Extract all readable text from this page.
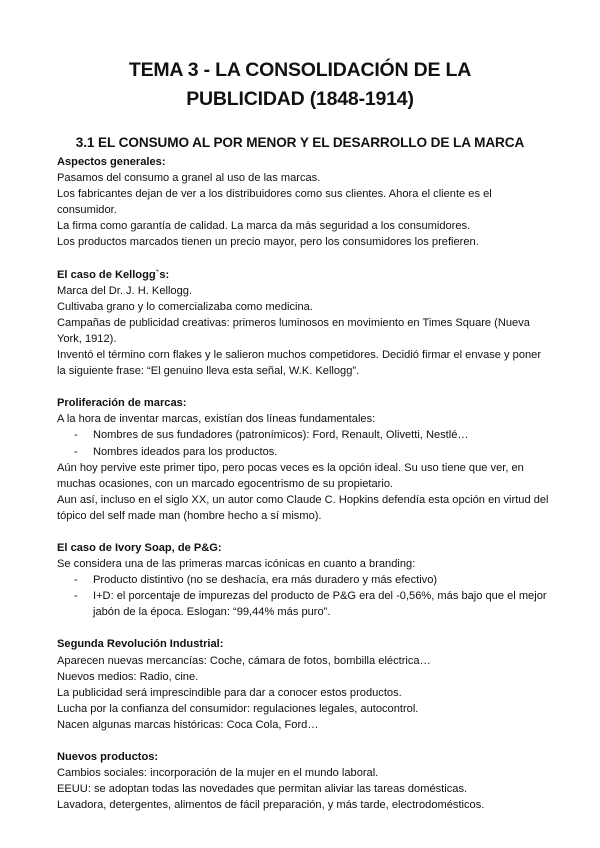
TEMA 3 - LA CONSOLIDACIÓN DE LA
PUBLICIDAD (1848-1914)
3.1 EL CONSUMO AL POR MENOR Y EL DESARROLLO DE LA MARCA
Aspectos generales:

Pasamos del consumo a granel al uso de las marcas.

Los fabricantes dejan de ver a los distribuidores como sus clientes. Ahora el cliente es el consumidor.

La firma como garantía de calidad. La marca da más seguridad a los consumidores.

Los productos marcados tienen un precio mayor, pero los consumidores los prefieren.

El caso de Kellogg`s:

Marca del Dr. J. H. Kellogg.

Cultivaba grano y lo comercializaba como medicina.

Campañas de publicidad creativas: primeros luminosos en movimiento en Times Square (Nueva York, 1912).

Inventó el término corn flakes y le salieron muchos competidores. Decidió firmar el envase y poner la siguiente frase: “El genuino lleva esta señal, W.K. Kellogg”.

Proliferación de marcas:

A la hora de inventar marcas, existían dos líneas fundamentales:

- Nombres de sus fundadores (patronímicos): Ford, Renault, Olivetti, Nestlé…
- Nombres ideados para los productos.

Aún hoy pervive este primer tipo, pero pocas veces es la opción ideal. Su uso tiene que ver, en muchas ocasiones, con un marcado egocentrismo de su propietario.

Aun así, incluso en el siglo XX, un autor como Claude C. Hopkins defendía esta opción en virtud del tópico del self made man (hombre hecho a sí mismo).

El caso de Ivory Soap, de P&G:

Se considera una de las primeras marcas icónicas en cuanto a branding:

- Producto distintivo (no se deshacía, era más duradero y más efectivo)
- I+D: el porcentaje de impurezas del producto de P&G era del -0,56%, más bajo que el mejor jabón de la época. Eslogan: “99,44% más puro”.
Segunda Revolución Industrial:

Aparecen nuevas mercancías: Coche, cámara de fotos, bombilla eléctrica…

Nuevos medios: Radio, cine.

La publicidad será imprescindible para dar a conocer estos productos.

Lucha por la confianza del consumidor: regulaciones legales, autocontrol.

Nacen algunas marcas históricas: Coca Cola, Ford…

Nuevos productos:

Cambios sociales: incorporación de la mujer en el mundo laboral.

EEUU: se adoptan todas las novedades que permitan aliviar las tareas domésticas.

Lavadora, detergentes, alimentos de fácil preparación, y más tarde, electrodomésticos.
